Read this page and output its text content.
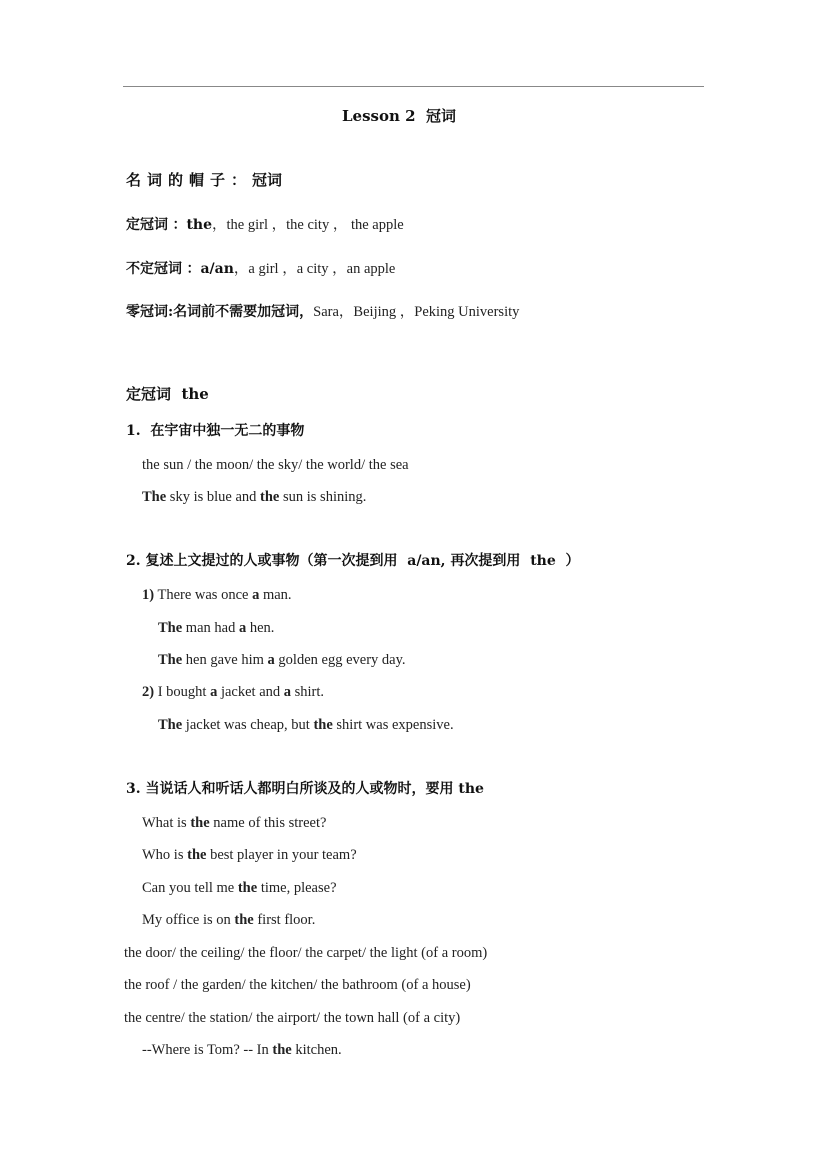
Lesson 2 冠词
名词的帽子：冠词
定冠词 ：the，the girl ，the city ， the apple
不定冠词 ：a/an，a girl ，a city ，an apple
零冠词:名词前不需要加冠词，Sara，Beijing ，Peking University
定冠词 the
1. 在宇宙中独一无二的事物
the sun / the moon/ the sky/ the world/ the sea
The sky is blue and the sun is shining.
2. 复述上文提过的人或事物（第一次提到用 a/an, 再次提到用 the ）
1) There was once a man.
The man had a hen.
The hen gave him a golden egg every day.
2) I bought a jacket and a shirt.
The jacket was cheap, but the shirt was expensive.
3. 当说话人和听话人都明白所谈及的人或物时，要用 the
What is the name of this street?
Who is the best player in your team?
Can you tell me the time, please?
My office is on the first floor.
the door/ the ceiling/ the floor/ the carpet/ the light (of a room)
the roof / the garden/ the kitchen/ the bathroom (of a house)
the centre/ the station/ the airport/ the town hall (of a city)
--Where is Tom? -- In the kitchen.
